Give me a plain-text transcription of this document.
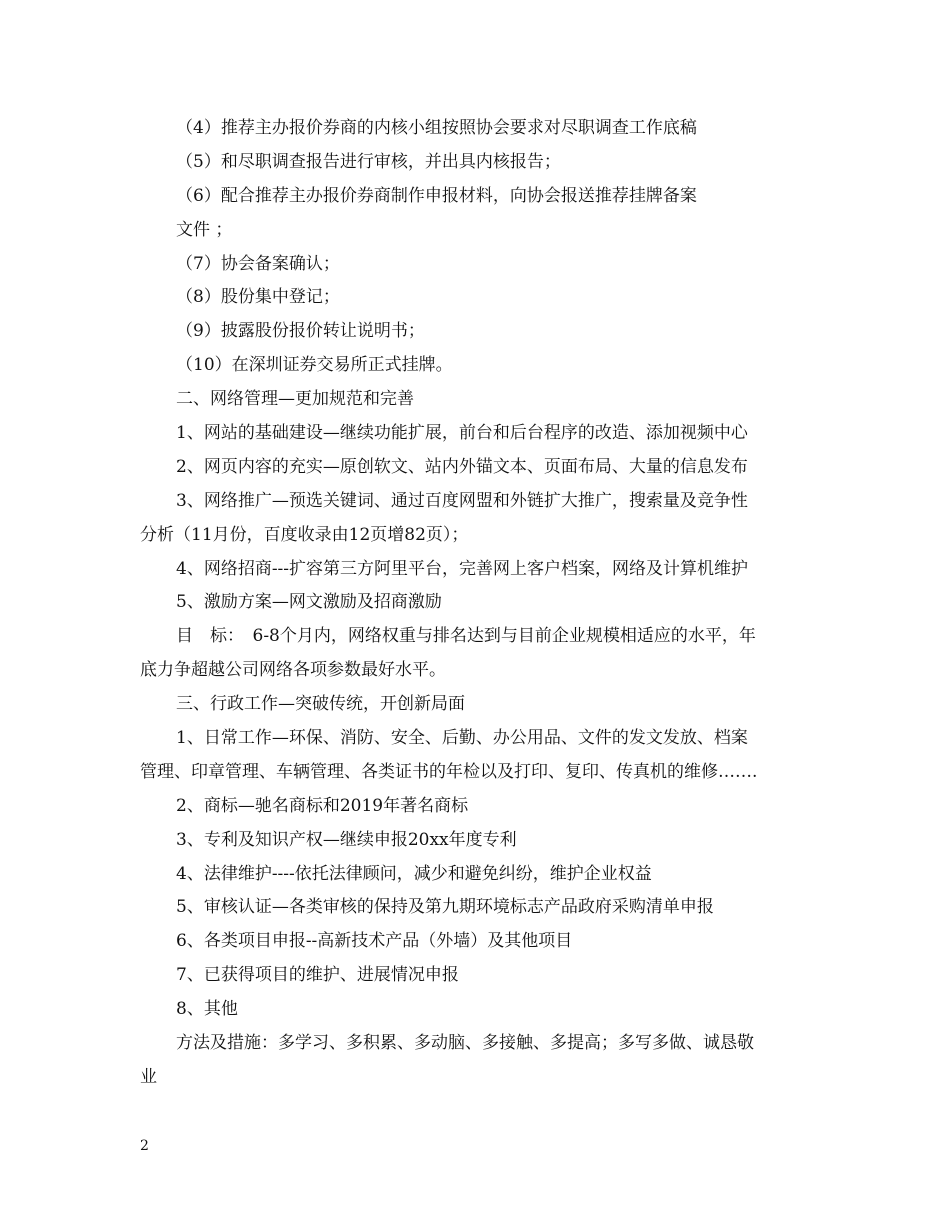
（4）推荐主办报价券商的内核小组按照协会要求对尽职调查工作底稿
（5）和尽职调查报告进行审核，并出具内核报告；
（6）配合推荐主办报价券商制作申报材料，向协会报送推荐挂牌备案
文件 ；
（7）协会备案确认；
（8）股份集中登记；
（9）披露股份报价转让说明书；
（10）在深圳证券交易所正式挂牌。
二、网络管理—更加规范和完善
1、网站的基础建设—继续功能扩展，前台和后台程序的改造、添加视频中心
2、网页内容的充实—原创软文、站内外锚文本、页面布局、大量的信息发布
3、网络推广—预选关键词、通过百度网盟和外链扩大推广，搜索量及竞争性
分析（11月份，百度收录由12页增82页）；
4、网络招商---扩容第三方阿里平台，完善网上客户档案，网络及计算机维护
5、激励方案—网文激励及招商激励
目　标：　6-8个月内，网络权重与排名达到与目前企业规模相适应的水平，年
底力争超越公司网络各项参数最好水平。
三、行政工作—突破传统，开创新局面
1、日常工作—环保、消防、安全、后勤、办公用品、文件的发文发放、档案
管理、印章管理、车辆管理、各类证书的年检以及打印、复印、传真机的维修…….
2、商标—驰名商标和2019年著名商标
3、专利及知识产权—继续申报20xx年度专利
4、法律维护----依托法律顾问，减少和避免纠纷，维护企业权益
5、审核认证—各类审核的保持及第九期环境标志产品政府采购清单申报
6、各类项目申报--高新技术产品（外墙）及其他项目
7、已获得项目的维护、进展情况申报
8、其他
方法及措施：多学习、多积累、多动脑、多接触、多提高；多写多做、诚恳敬
业
2
